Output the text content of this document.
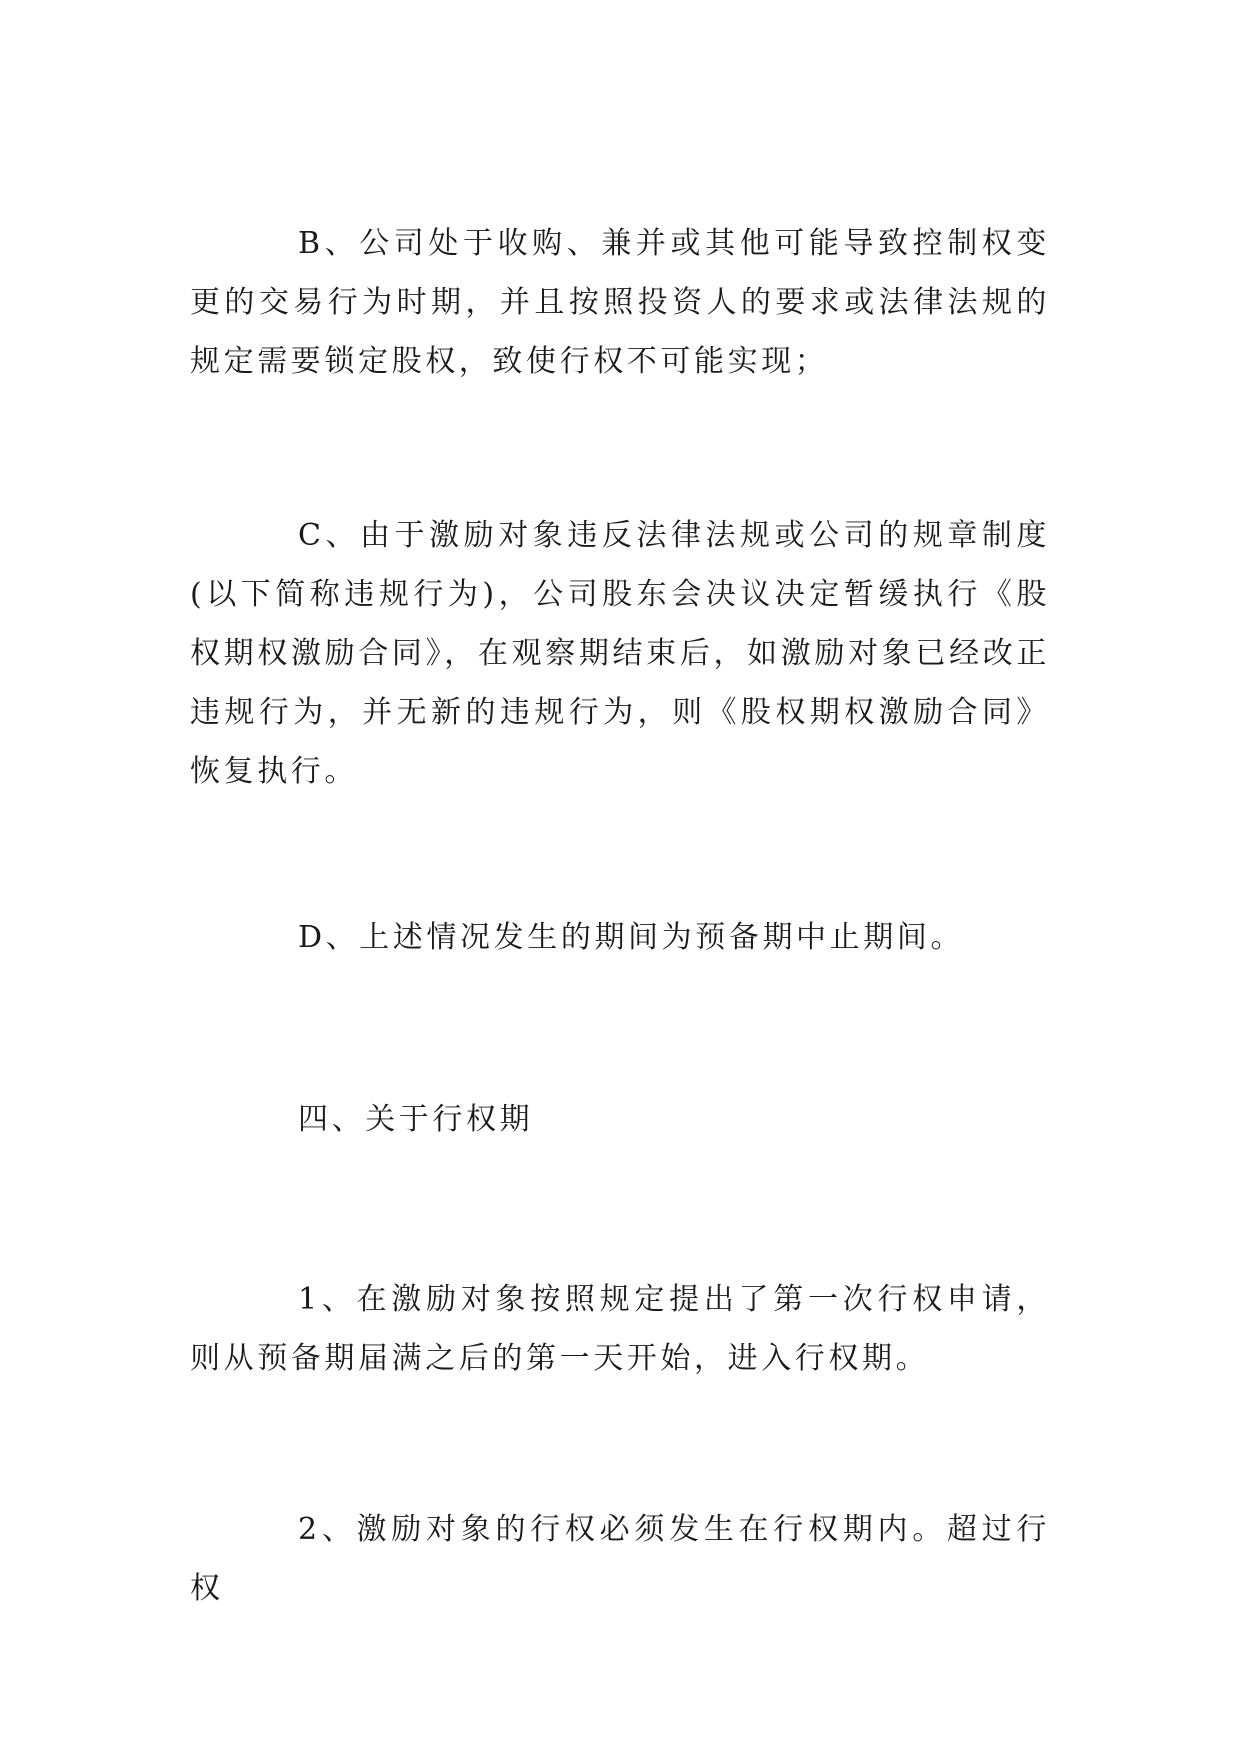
B、公司处于收购、兼并或其他可能导致控制权变更的交易行为时期，并且按照投资人的要求或法律法规的规定需要锁定股权，致使行权不可能实现；

C、由于激励对象违反法律法规或公司的规章制度(以下简称违规行为)，公司股东会决议决定暂缓执行《股权期权激励合同》，在观察期结束后，如激励对象已经改正违规行为，并无新的违规行为，则《股权期权激励合同》恢复执行。

D、上述情况发生的期间为预备期中止期间。

四、关于行权期

1、在激励对象按照规定提出了第一次行权申请，则从预备期届满之后的第一天开始，进入行权期。

2、激励对象的行权必须发生在行权期内。超过行权
